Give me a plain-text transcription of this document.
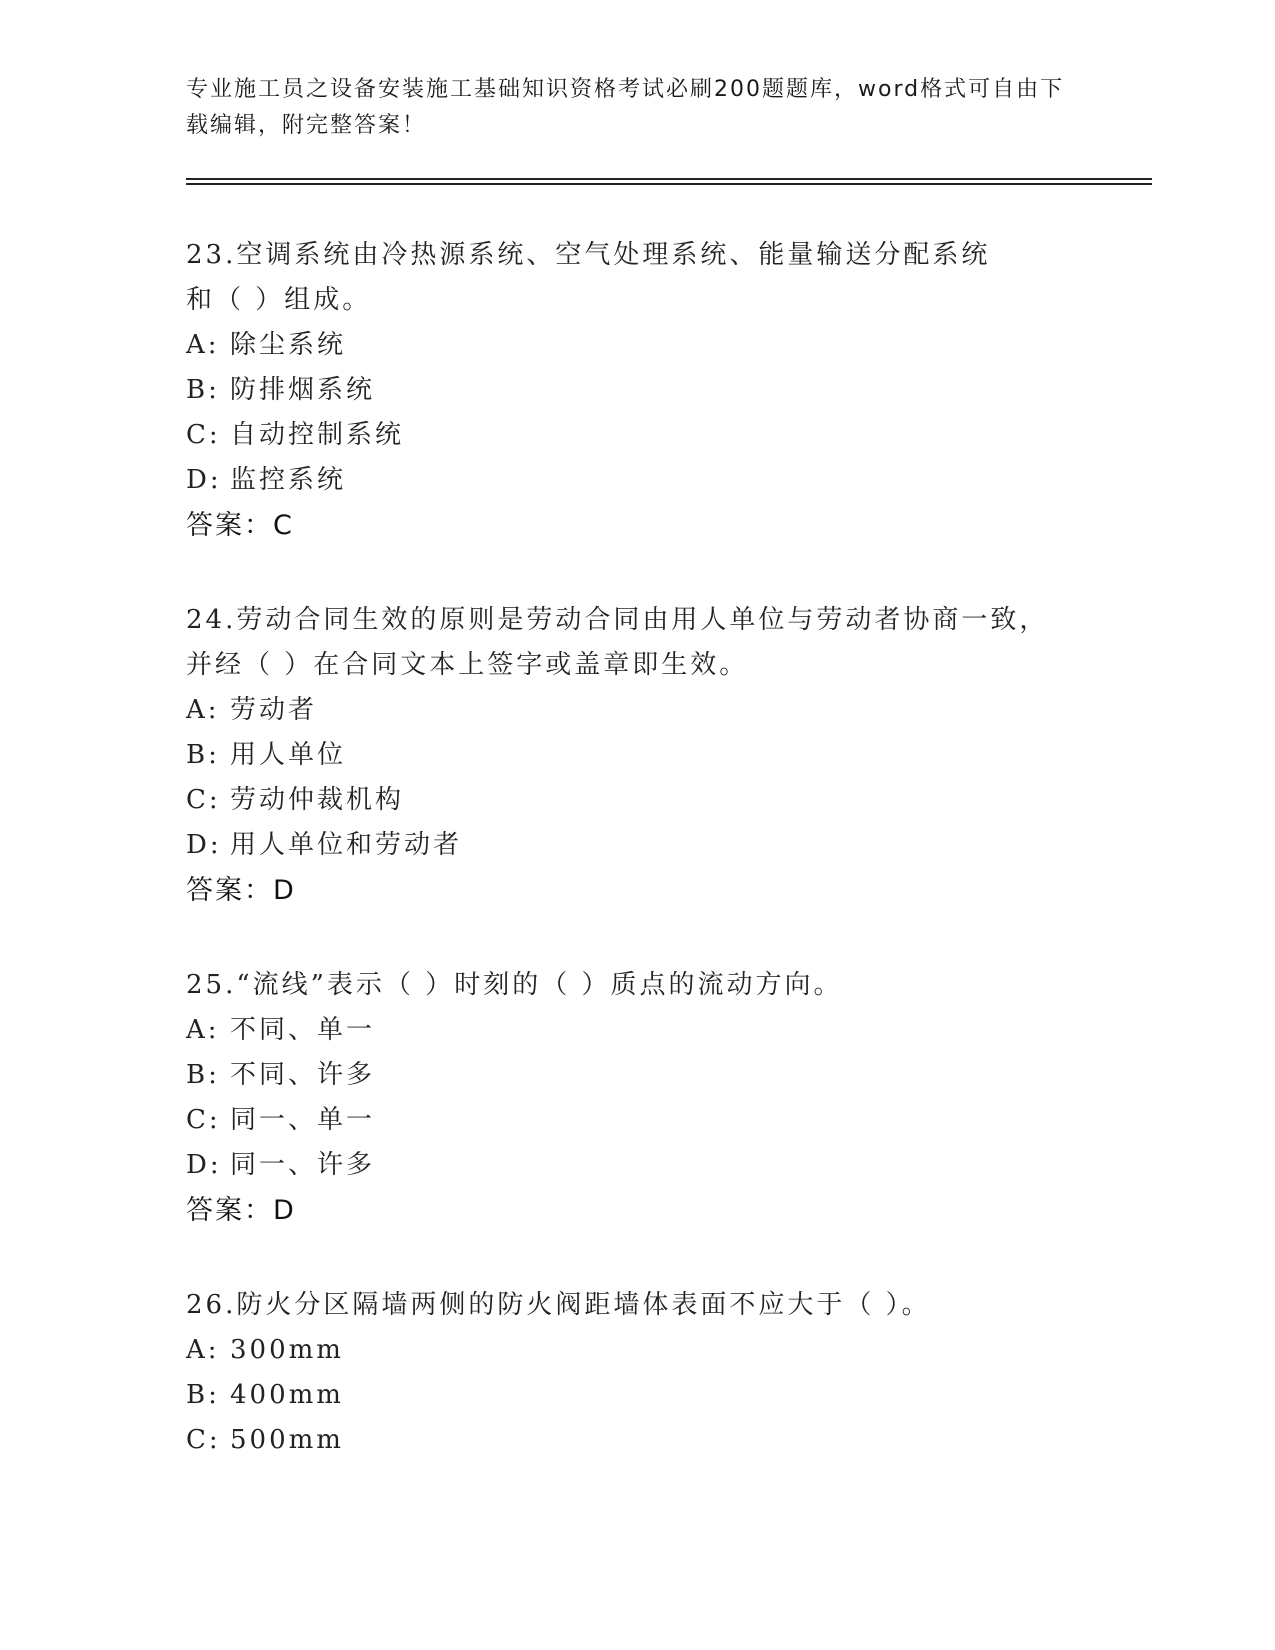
专业施工员之设备安装施工基础知识资格考试必刷200题题库，word格式可自由下载编辑，附完整答案！

23.空调系统由冷热源系统、空气处理系统、能量输送分配系统和（ ）组成。

A: 除尘系统

B: 防排烟系统

C: 自动控制系统

D: 监控系统

答案：C

24.劳动合同生效的原则是劳动合同由用人单位与劳动者协商一致，并经（ ）在合同文本上签字或盖章即生效。

A: 劳动者

B: 用人单位

C: 劳动仲裁机构

D: 用人单位和劳动者

答案：D

25.“流线”表示（ ）时刻的（ ）质点的流动方向。

A: 不同、单一

B: 不同、许多

C: 同一、单一

D: 同一、许多

答案：D

26.防火分区隔墙两侧的防火阀距墙体表面不应大于（ ）。

A: 300mm

B: 400mm

C: 500mm
